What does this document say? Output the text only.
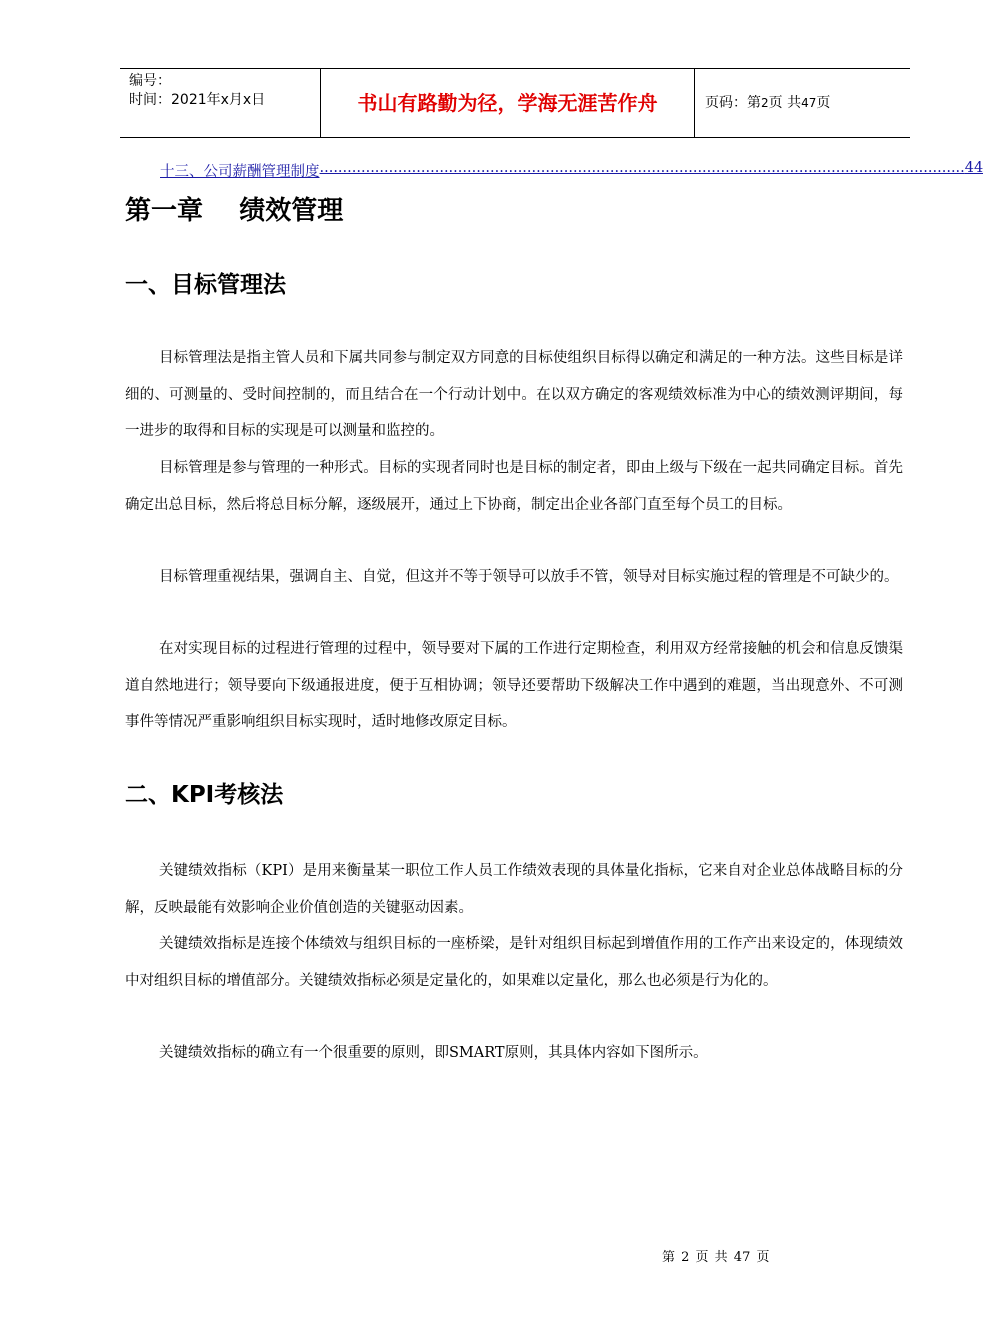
编号：
时间：2021年x月x日	书山有路勤为径，学海无涯苦作舟	页码：第2页 共47页
十三、公司薪酬管理制度 ............................................................................................................................................ 44
第一章    绩效管理
一、目标管理法

目标管理法是指主管人员和下属共同参与制定双方同意的目标使组织目标得以确定和满足的一种方法。这些目标是详细的、可测量的、受时间控制的，而且结合在一个行动计划中。在以双方确定的客观绩效标准为中心的绩效测评期间，每一进步的取得和目标的实现是可以测量和监控的。

目标管理是参与管理的一种形式。目标的实现者同时也是目标的制定者，即由上级与下级在一起共同确定目标。首先确定出总目标，然后将总目标分解，逐级展开，通过上下协商，制定出企业各部门直至每个员工的目标。

目标管理重视结果，强调自主、自觉，但这并不等于领导可以放手不管，领导对目标实施过程的管理是不可缺少的。

在对实现目标的过程进行管理的过程中，领导要对下属的工作进行定期检查，利用双方经常接触的机会和信息反馈渠道自然地进行；领导要向下级通报进度，便于互相协调；领导还要帮助下级解决工作中遇到的难题，当出现意外、不可测事件等情况严重影响组织目标实现时，适时地修改原定目标。

二、KPI考核法

关键绩效指标（KPI）是用来衡量某一职位工作人员工作绩效表现的具体量化指标，它来自对企业总体战略目标的分解，反映最能有效影响企业价值创造的关键驱动因素。

关键绩效指标是连接个体绩效与组织目标的一座桥梁，是针对组织目标起到增值作用的工作产出来设定的，体现绩效中对组织目标的增值部分。关键绩效指标必须是定量化的，如果难以定量化，那么也必须是行为化的。

关键绩效指标的确立有一个很重要的原则，即SMART原则，其具体内容如下图所示。

第 2 页 共 47 页
